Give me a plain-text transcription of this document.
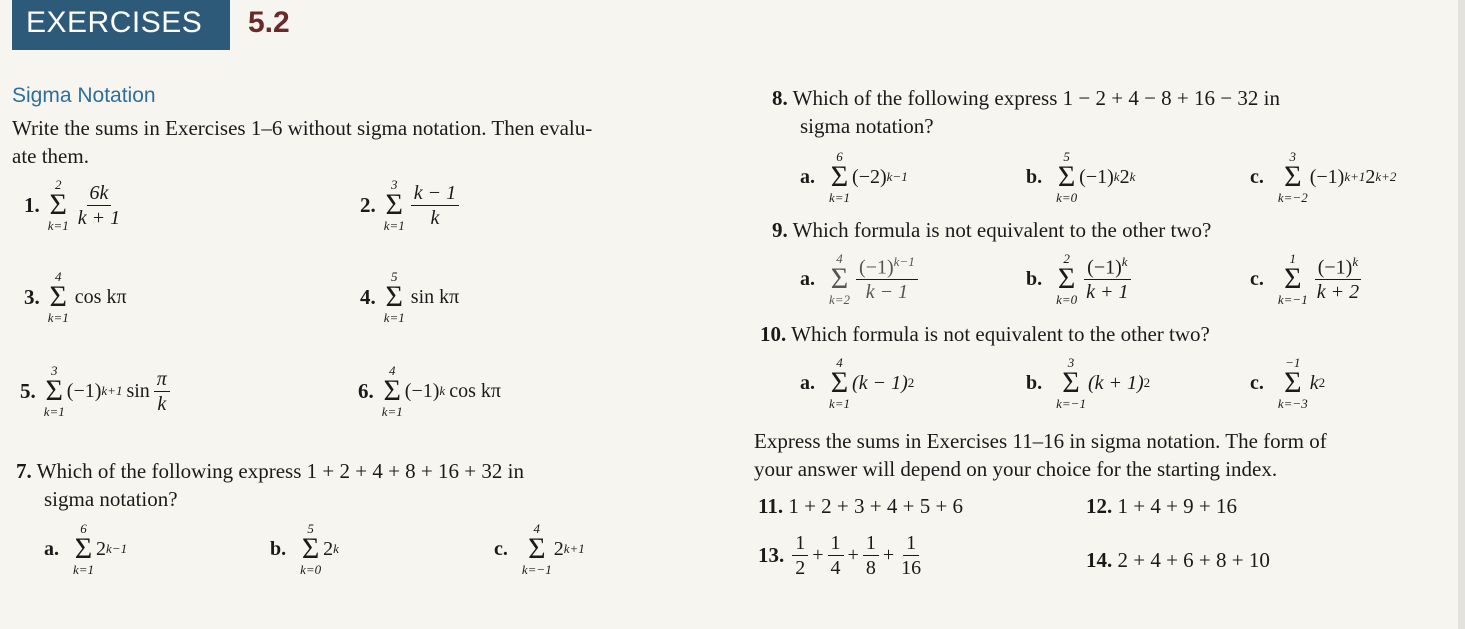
EXERCISES	5.2
Sigma Notation
Write the sums in Exercises 1–6 without sigma notation. Then evalu-
ate them.
1.
2
Σ
$k=1 \frac{6k}{k + 1}$	2.
3
Σ
$k=1 \frac{k - 1}{k}$
3.
4
Σ
k=1
cos kπ	4.
5
Σ
k=1
sin kπ
5.
3
Σ
k=1
(−1) k+1 $\sin \frac{\pi}{k}$	6.
4
Σ
k=1
(−1) k cos kπ
7. Which of the following express 1 + 2 + 4 + 8 + 16 + 32 in
sigma notation?
a.
6
Σ
k=1
2 k−1	b.
5
Σ
k=0
2 k	c.
4
Σ
k=−1
2 k+1
8. Which of the following express 1 − 2 + 4 − 8 + 16 − 32 in
sigma notation?
a.
6
Σ
k=1
(−2) k−1	b.
5
Σ
k=0
(−1) k 2 k	c.
3
Σ
k=−2
(−1) k+1 2 k+2
9. Which formula is not equivalent to the other two?
a.
4
Σ
$k=2 \frac{(-1)^{k-1}}{k - 1}$	b.
2
Σ
$k=0 \frac{(-1)^k}{k + 1}$	c.
1
Σ
$k=-1 \frac{(-1)^k}{k + 2}$
10. Which formula is not equivalent to the other two?
a.
4
Σ
k=1
(k − 1) 2	b.
3
Σ
k=−1
(k + 1) 2	c.
−1
Σ
k=−3
k 2
Express the sums in Exercises 11–16 in sigma notation. The form of
your answer will depend on your choice for the starting index.
11. 1 + 2 + 3 + 4 + 5 + 6	12. 1 + 4 + 9 + 16
13. $\frac{1}{2} + \frac{1}{4} + \frac{1}{8} + \frac{1}{16}$	14. 2 + 4 + 6 + 8 + 10
